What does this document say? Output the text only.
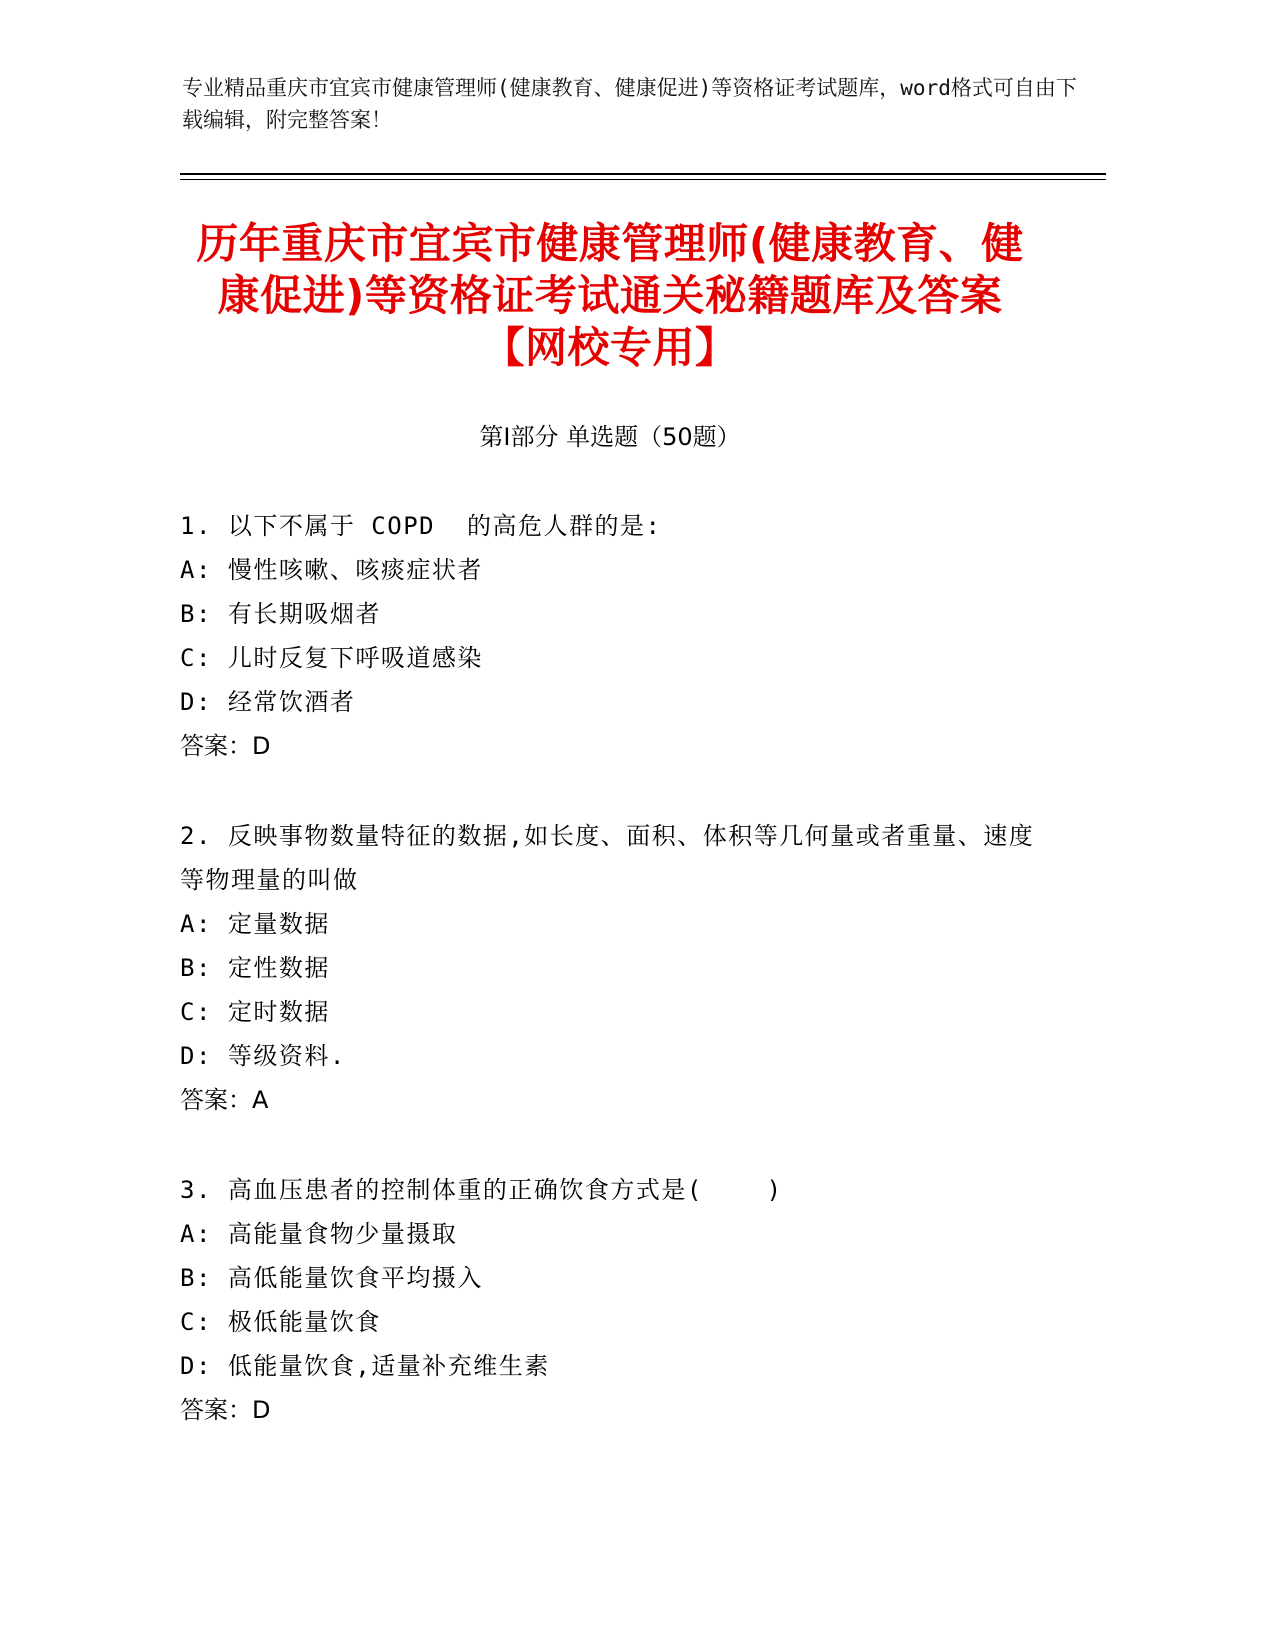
专业精品重庆市宜宾市健康管理师(健康教育、健康促进)等资格证考试题库，word格式可自由下载编辑，附完整答案！
历年重庆市宜宾市健康管理师(健康教育、健康促进)等资格证考试通关秘籍题库及答案【网校专用】
第Ⅰ部分 单选题（50题）
1. 以下不属于 COPD  的高危人群的是:
A: 慢性咳嗽、咳痰症状者
B: 有长期吸烟者
C: 儿时反复下呼吸道感染
D: 经常饮酒者
答案：D
2. 反映事物数量特征的数据,如长度、面积、体积等几何量或者重量、速度等物理量的叫做
A: 定量数据
B: 定性数据
C: 定时数据
D: 等级资料.
答案：A
3. 高血压患者的控制体重的正确饮食方式是(    )
A: 高能量食物少量摄取
B: 高低能量饮食平均摄入
C: 极低能量饮食
D: 低能量饮食,适量补充维生素
答案：D
